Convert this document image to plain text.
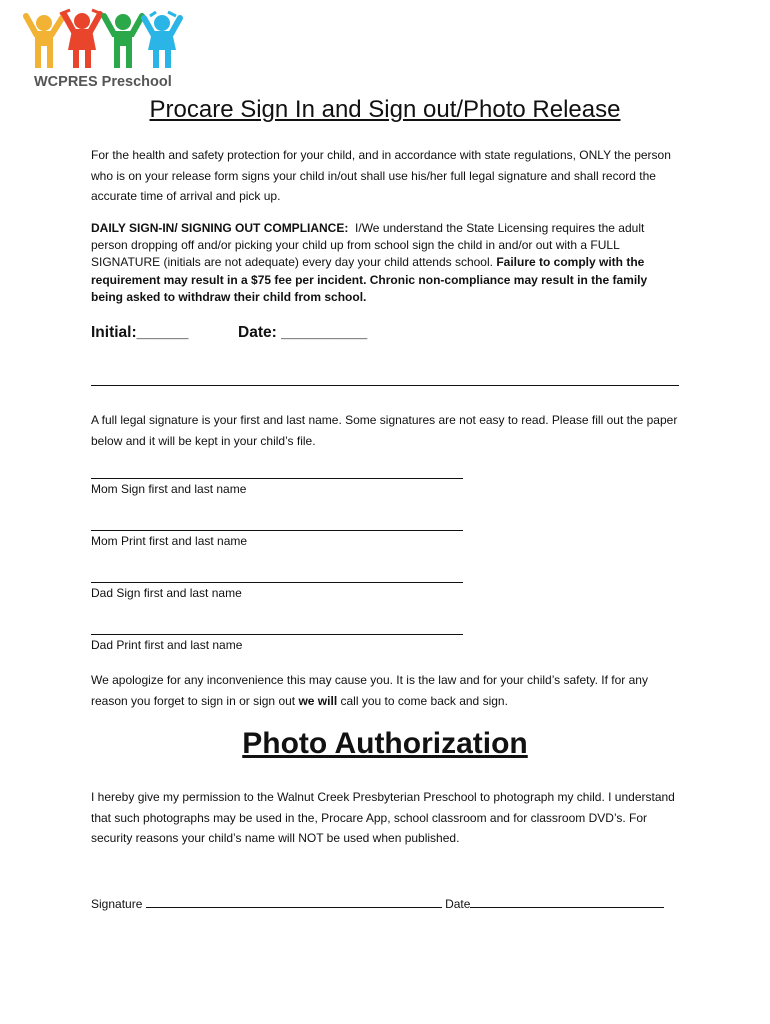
WCPRES Preschool
Procare Sign In and Sign out/Photo Release
For the health and safety protection for your child, and in accordance with state regulations, ONLY the person who is on your release form signs your child in/out shall use his/her full legal signature and shall record the accurate time of arrival and pick up.
DAILY SIGN-IN/ SIGNING OUT COMPLIANCE: I/We understand the State Licensing requires the adult person dropping off and/or picking your child up from school sign the child in and/or out with a FULL SIGNATURE (initials are not adequate) every day your child attends school. Failure to comply with the requirement may result in a $75 fee per incident. Chronic non-compliance may result in the family being asked to withdraw their child from school.
Initial:______	Date: __________
A full legal signature is your first and last name. Some signatures are not easy to read. Please fill out the paper below and it will be kept in your child’s file.
Mom Sign first and last name
Mom Print first and last name
Dad Sign first and last name
Dad Print first and last name
We apologize for any inconvenience this may cause you. It is the law and for your child’s safety. If for any reason you forget to sign in or sign out we will call you to come back and sign.
Photo Authorization
I hereby give my permission to the Walnut Creek Presbyterian Preschool to photograph my child. I understand that such photographs may be used in the, Procare App, school classroom and for classroom DVD’s. For security reasons your child’s name will NOT be used when published.
Signature	Date
